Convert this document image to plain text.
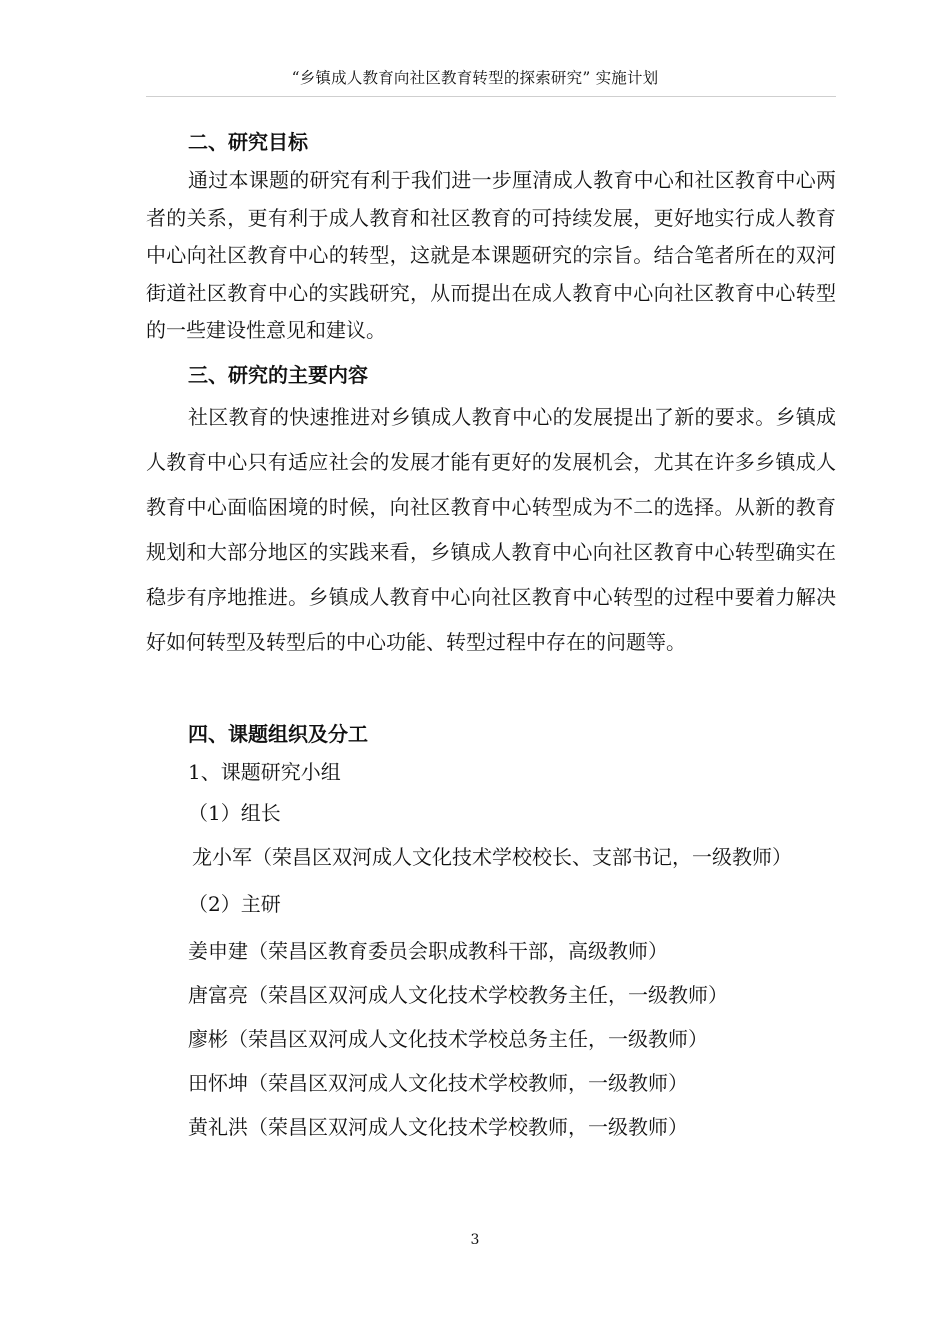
“乡镇成人教育向社区教育转型的探索研究” 实施计划

二、研究目标

通过本课题的研究有利于我们进一步厘清成人教育中心和社区教育中心两者的关系，更有利于成人教育和社区教育的可持续发展，更好地实行成人教育中心向社区教育中心的转型，这就是本课题研究的宗旨。结合笔者所在的双河街道社区教育中心的实践研究，从而提出在成人教育中心向社区教育中心转型的一些建设性意见和建议。

三、研究的主要内容

社区教育的快速推进对乡镇成人教育中心的发展提出了新的要求。乡镇成人教育中心只有适应社会的发展才能有更好的发展机会，尤其在许多乡镇成人教育中心面临困境的时候，向社区教育中心转型成为不二的选择。从新的教育规划和大部分地区的实践来看，乡镇成人教育中心向社区教育中心转型确实在稳步有序地推进。乡镇成人教育中心向社区教育中心转型的过程中要着力解决好如何转型及转型后的中心功能、转型过程中存在的问题等。

四、课题组织及分工

1、课题研究小组

（1）组长

龙小军（荣昌区双河成人文化技术学校校长、支部书记，一级教师）

（2）主研

姜申建（荣昌区教育委员会职成教科干部，高级教师）

唐富亮（荣昌区双河成人文化技术学校教务主任，一级教师）

廖彬（荣昌区双河成人文化技术学校总务主任，一级教师）

田怀坤（荣昌区双河成人文化技术学校教师，一级教师）

黄礼洪（荣昌区双河成人文化技术学校教师，一级教师）

3
